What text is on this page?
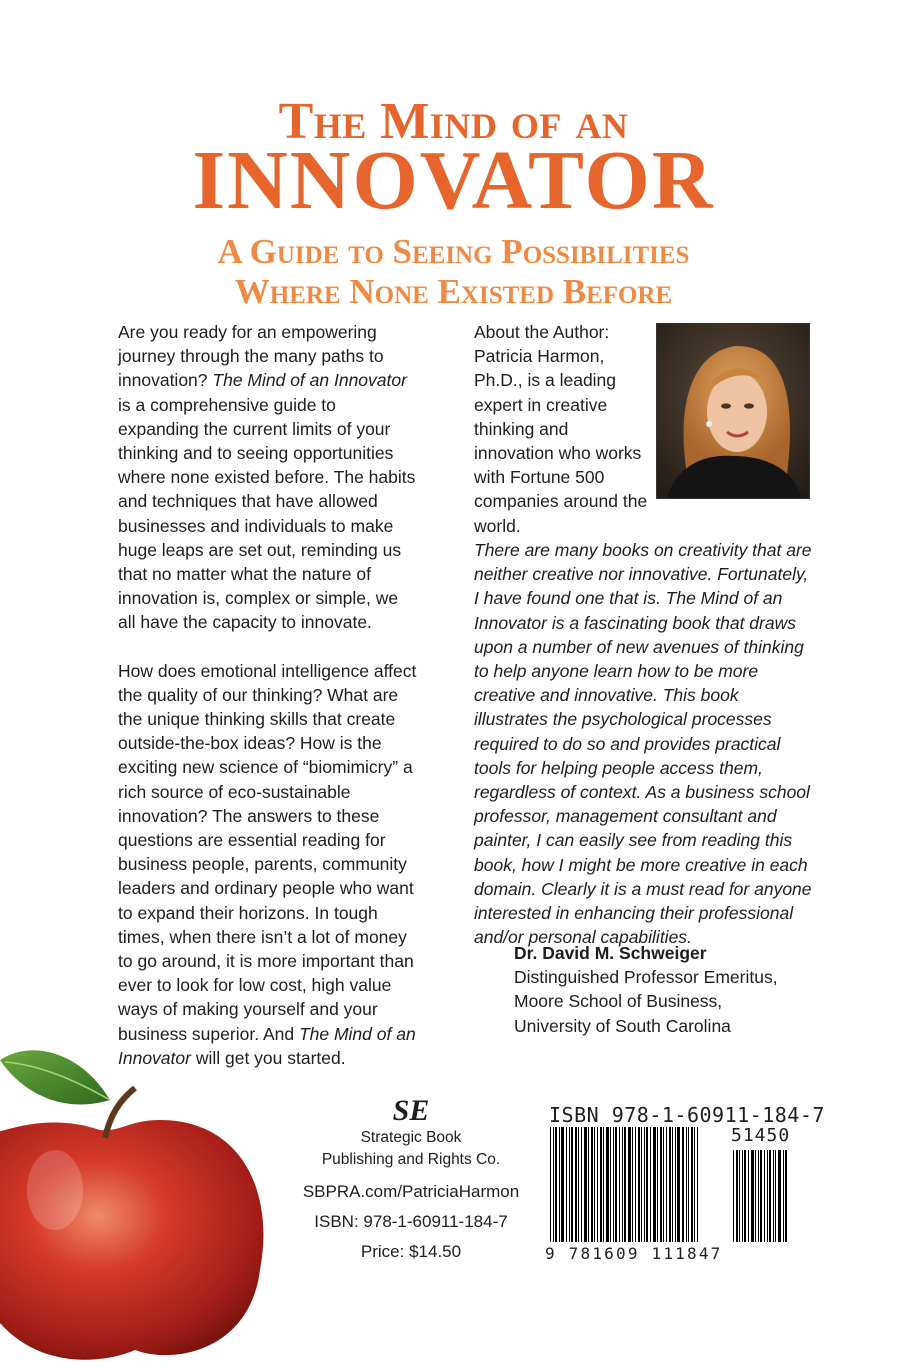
The Mind of an
INNOVATOR
A Guide to Seeing Possibilities
Where None Existed Before

Are you ready for an empowering journey through the many paths to innovation? The Mind of an Innovator is a comprehensive guide to expanding the current limits of your thinking and to seeing opportunities where none existed before. The habits and techniques that have allowed businesses and individuals to make huge leaps are set out, reminding us that no matter what the nature of innovation is, complex or simple, we all have the capacity to innovate.

How does emotional intelligence affect the quality of our thinking? What are the unique thinking skills that create outside-the-box ideas? How is the exciting new science of “biomimicry” a rich source of eco-sustainable innovation? The answers to these questions are essential reading for business people, parents, community leaders and ordinary people who want to expand their horizons. In tough times, when there isn’t a lot of money to go around, it is more important than ever to look for low cost, high value ways of making yourself and your business superior. And The Mind of an Innovator will get you started.

About the Author:

Patricia Harmon, Ph.D., is a leading expert in creative thinking and innovation who works with Fortune 500 companies around the world.

There are many books on creativity that are neither creative nor innovative. Fortunately, I have found one that is. The Mind of an Innovator is a fascinating book that draws upon a number of new avenues of thinking to help anyone learn how to be more creative and innovative. This book illustrates the psychological processes required to do so and provides practical tools for helping people access them, regardless of context. As a business school professor, management consultant and painter, I can easily see from reading this book, how I might be more creative in each domain. Clearly it is a must read for anyone interested in enhancing their professional and/or personal capabilities.
Dr. David M. Schweiger
Distinguished Professor Emeritus,
Moore School of Business,
University of South Carolina
SE
Strategic Book
Publishing and Rights Co.
SBPRA.com/PatriciaHarmon
ISBN: 978-1-60911-184-7
Price: $14.50
ISBN 978-1-60911-184-7
51450
9 781609 111847
